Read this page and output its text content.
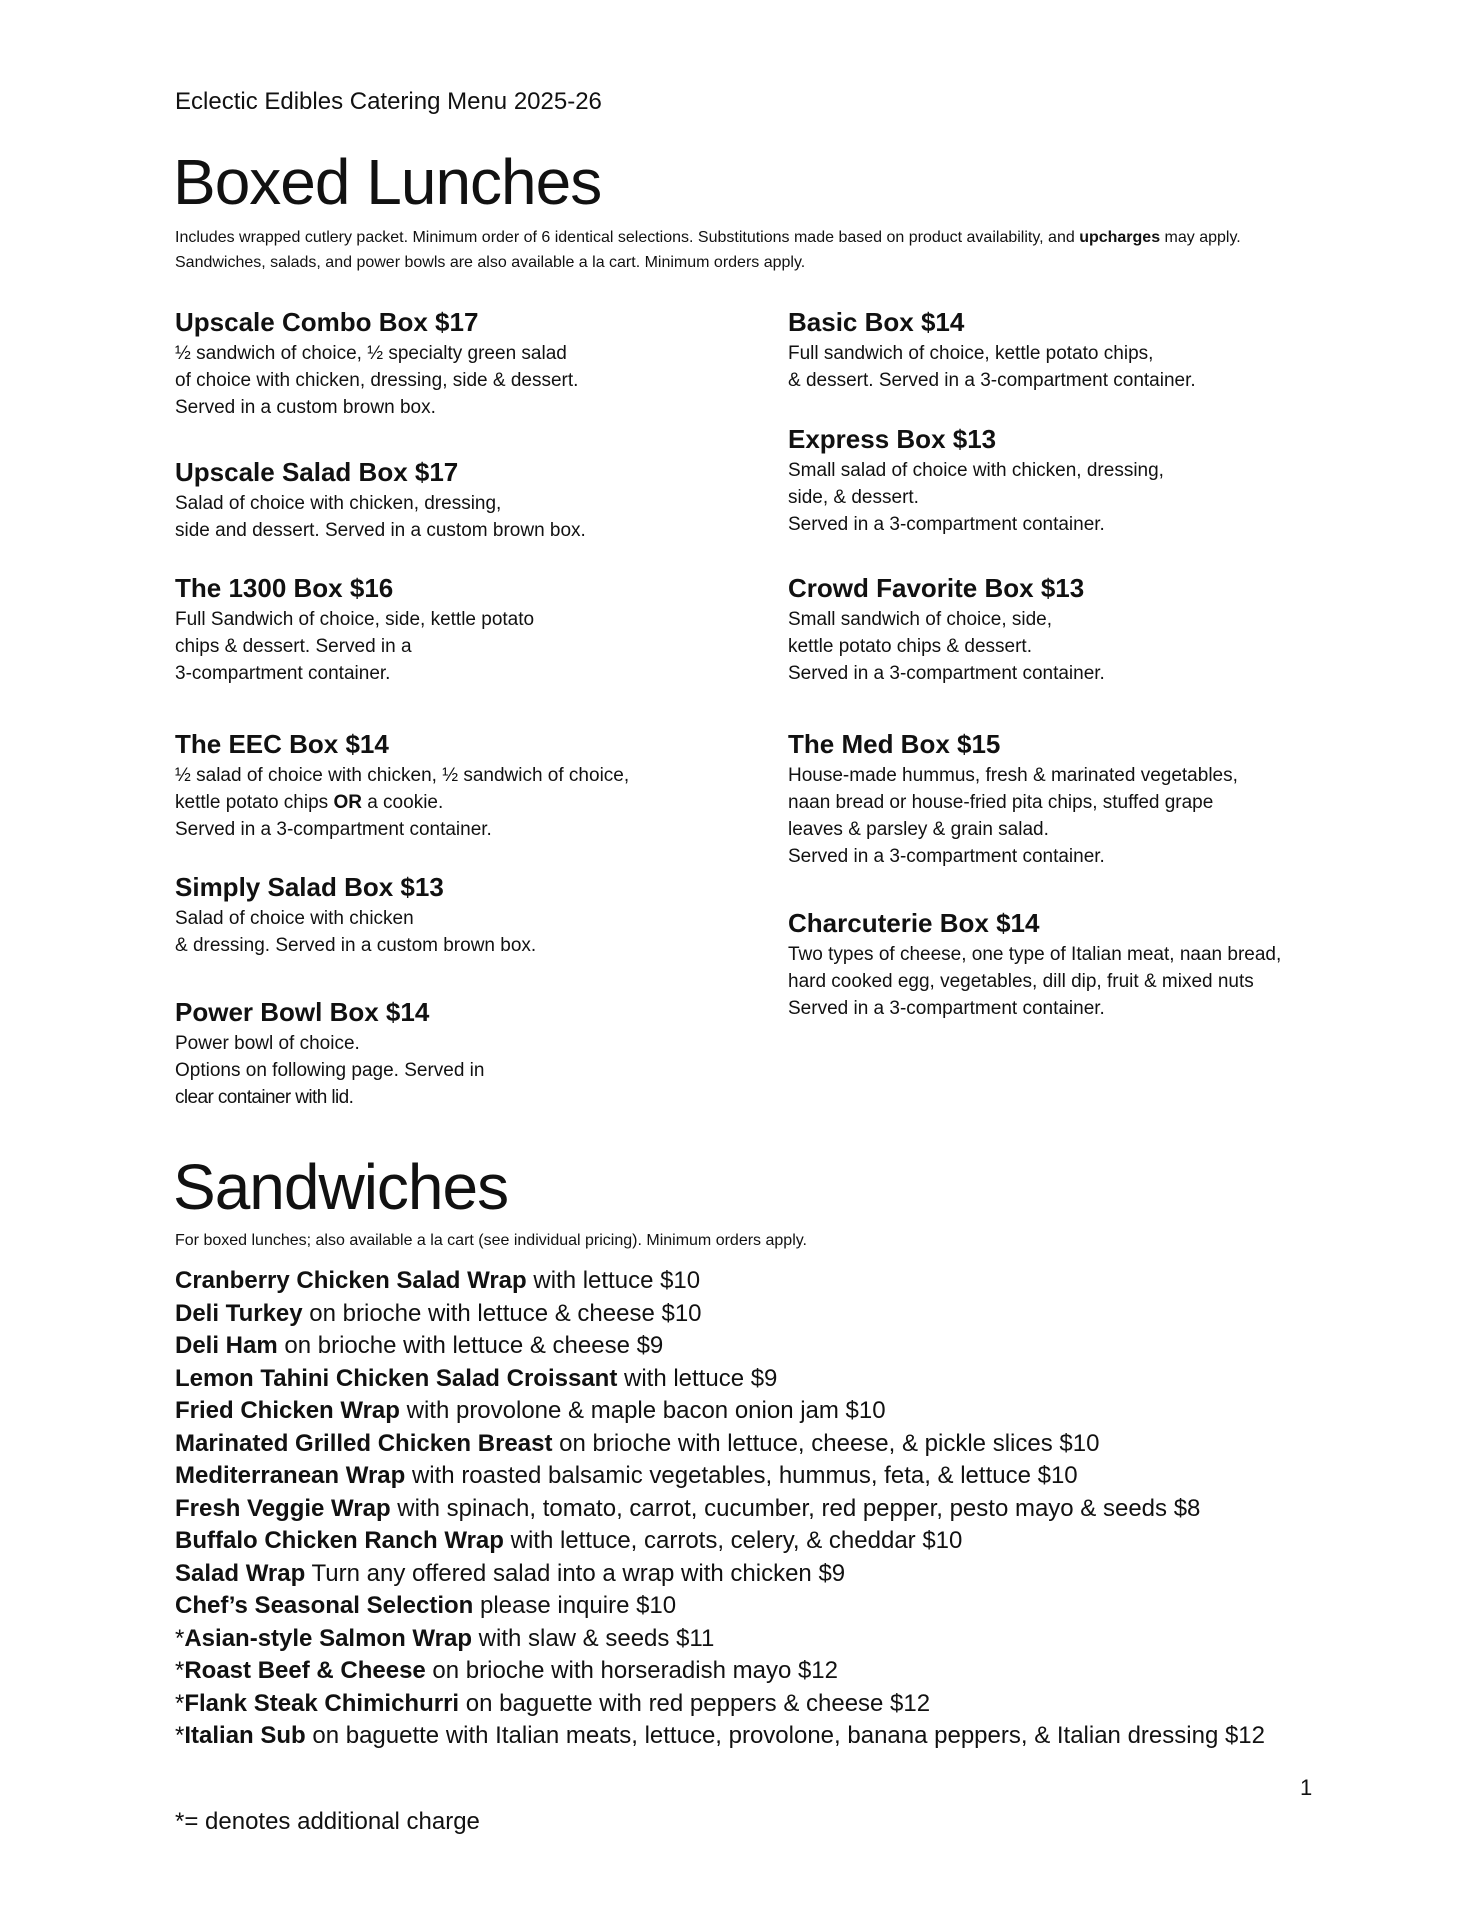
Eclectic Edibles Catering Menu 2025-26
Boxed Lunches
Includes wrapped cutlery packet. Minimum order of 6 identical selections. Substitutions made based on product availability, and upcharges may apply. Sandwiches, salads, and power bowls are also available a la cart. Minimum orders apply.
Upscale Combo Box $17
½ sandwich of choice, ½ specialty green salad
of choice with chicken, dressing, side & dessert.
Served in a custom brown box.
Upscale Salad Box $17
Salad of choice with chicken, dressing,
side and dessert. Served in a custom brown box.
The 1300 Box $16
Full Sandwich of choice, side, kettle potato
chips & dessert. Served in a
3-compartment container.
The EEC Box $14
½ salad of choice with chicken, ½ sandwich of choice,
kettle potato chips OR a cookie.
Served in a 3-compartment container.
Simply Salad Box $13
Salad of choice with chicken
& dressing. Served in a custom brown box.
Power Bowl Box $14
Power bowl of choice.
Options on following page. Served in
clear container with lid.
Basic Box $14
Full sandwich of choice, kettle potato chips,
& dessert. Served in a 3-compartment container.
Express Box $13
Small salad of choice with chicken, dressing,
side, & dessert.
Served in a 3-compartment container.
Crowd Favorite Box $13
Small sandwich of choice, side,
kettle potato chips & dessert.
Served in a 3-compartment container.
The Med Box $15
House-made hummus, fresh & marinated vegetables,
naan bread or house-fried pita chips, stuffed grape
leaves & parsley & grain salad.
Served in a 3-compartment container.
Charcuterie Box $14
Two types of cheese, one type of Italian meat, naan bread,
hard cooked egg, vegetables, dill dip, fruit & mixed nuts
Served in a 3-compartment container.
Sandwiches
For boxed lunches; also available a la cart (see individual pricing). Minimum orders apply.
Cranberry Chicken Salad Wrap with lettuce $10
Deli Turkey on brioche with lettuce & cheese $10
Deli Ham on brioche with lettuce & cheese $9
Lemon Tahini Chicken Salad Croissant with lettuce $9
Fried Chicken Wrap with provolone & maple bacon onion jam $10
Marinated Grilled Chicken Breast on brioche with lettuce, cheese, & pickle slices $10
Mediterranean Wrap with roasted balsamic vegetables, hummus, feta, & lettuce $10
Fresh Veggie Wrap with spinach, tomato, carrot, cucumber, red pepper, pesto mayo & seeds $8
Buffalo Chicken Ranch Wrap with lettuce, carrots, celery, & cheddar $10
Salad Wrap Turn any offered salad into a wrap with chicken $9
Chef’s Seasonal Selection please inquire $10
*Asian-style Salmon Wrap with slaw & seeds $11
*Roast Beef & Cheese on brioche with horseradish mayo $12
*Flank Steak Chimichurri on baguette with red peppers & cheese $12
*Italian Sub on baguette with Italian meats, lettuce, provolone, banana peppers, & Italian dressing $12
1
*= denotes additional charge
